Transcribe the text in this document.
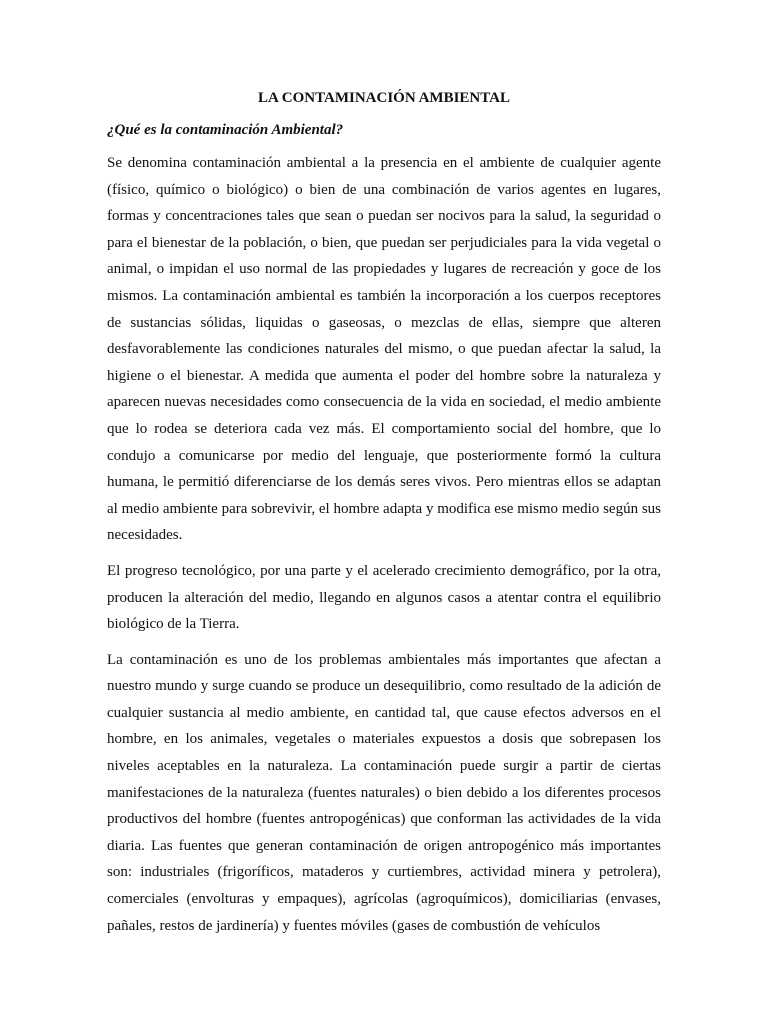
LA CONTAMINACIÓN AMBIENTAL
¿Qué es la contaminación Ambiental?

Se denomina contaminación ambiental a la presencia en el ambiente de cualquier agente (físico, químico o biológico) o bien de una combinación de varios agentes en lugares, formas y concentraciones tales que sean o puedan ser nocivos para la salud, la seguridad o para el bienestar de la población, o bien, que puedan ser perjudiciales para la vida vegetal o animal, o impidan el uso normal de las propiedades y lugares de recreación y goce de los mismos. La contaminación ambiental es también la incorporación a los cuerpos receptores de sustancias sólidas, liquidas o gaseosas, o mezclas de ellas, siempre que alteren desfavorablemente las condiciones naturales del mismo, o que puedan afectar la salud, la higiene o el bienestar. A medida que aumenta el poder del hombre sobre la naturaleza y aparecen nuevas necesidades como consecuencia de la vida en sociedad, el medio ambiente que lo rodea se deteriora cada vez más. El comportamiento social del hombre, que lo condujo a comunicarse por medio del lenguaje, que posteriormente formó la cultura humana, le permitió diferenciarse de los demás seres vivos. Pero mientras ellos se adaptan al medio ambiente para sobrevivir, el hombre adapta y modifica ese mismo medio según sus necesidades.

El progreso tecnológico, por una parte y el acelerado crecimiento demográfico, por la otra, producen la alteración del medio, llegando en algunos casos a atentar contra el equilibrio biológico de la Tierra.

La contaminación es uno de los problemas ambientales más importantes que afectan a nuestro mundo y surge cuando se produce un desequilibrio, como resultado de la adición de cualquier sustancia al medio ambiente, en cantidad tal, que cause efectos adversos en el hombre, en los animales, vegetales o materiales expuestos a dosis que sobrepasen los niveles aceptables en la naturaleza. La contaminación puede surgir a partir de ciertas manifestaciones de la naturaleza (fuentes naturales) o bien debido a los diferentes procesos productivos del hombre (fuentes antropogénicas) que conforman las actividades de la vida diaria. Las fuentes que generan contaminación de origen antropogénico más importantes son: industriales (frigoríficos, mataderos y curtiembres, actividad minera y petrolera), comerciales (envolturas y empaques), agrícolas (agroquímicos), domiciliarias (envases, pañales, restos de jardinería) y fuentes móviles (gases de combustión de vehículos
